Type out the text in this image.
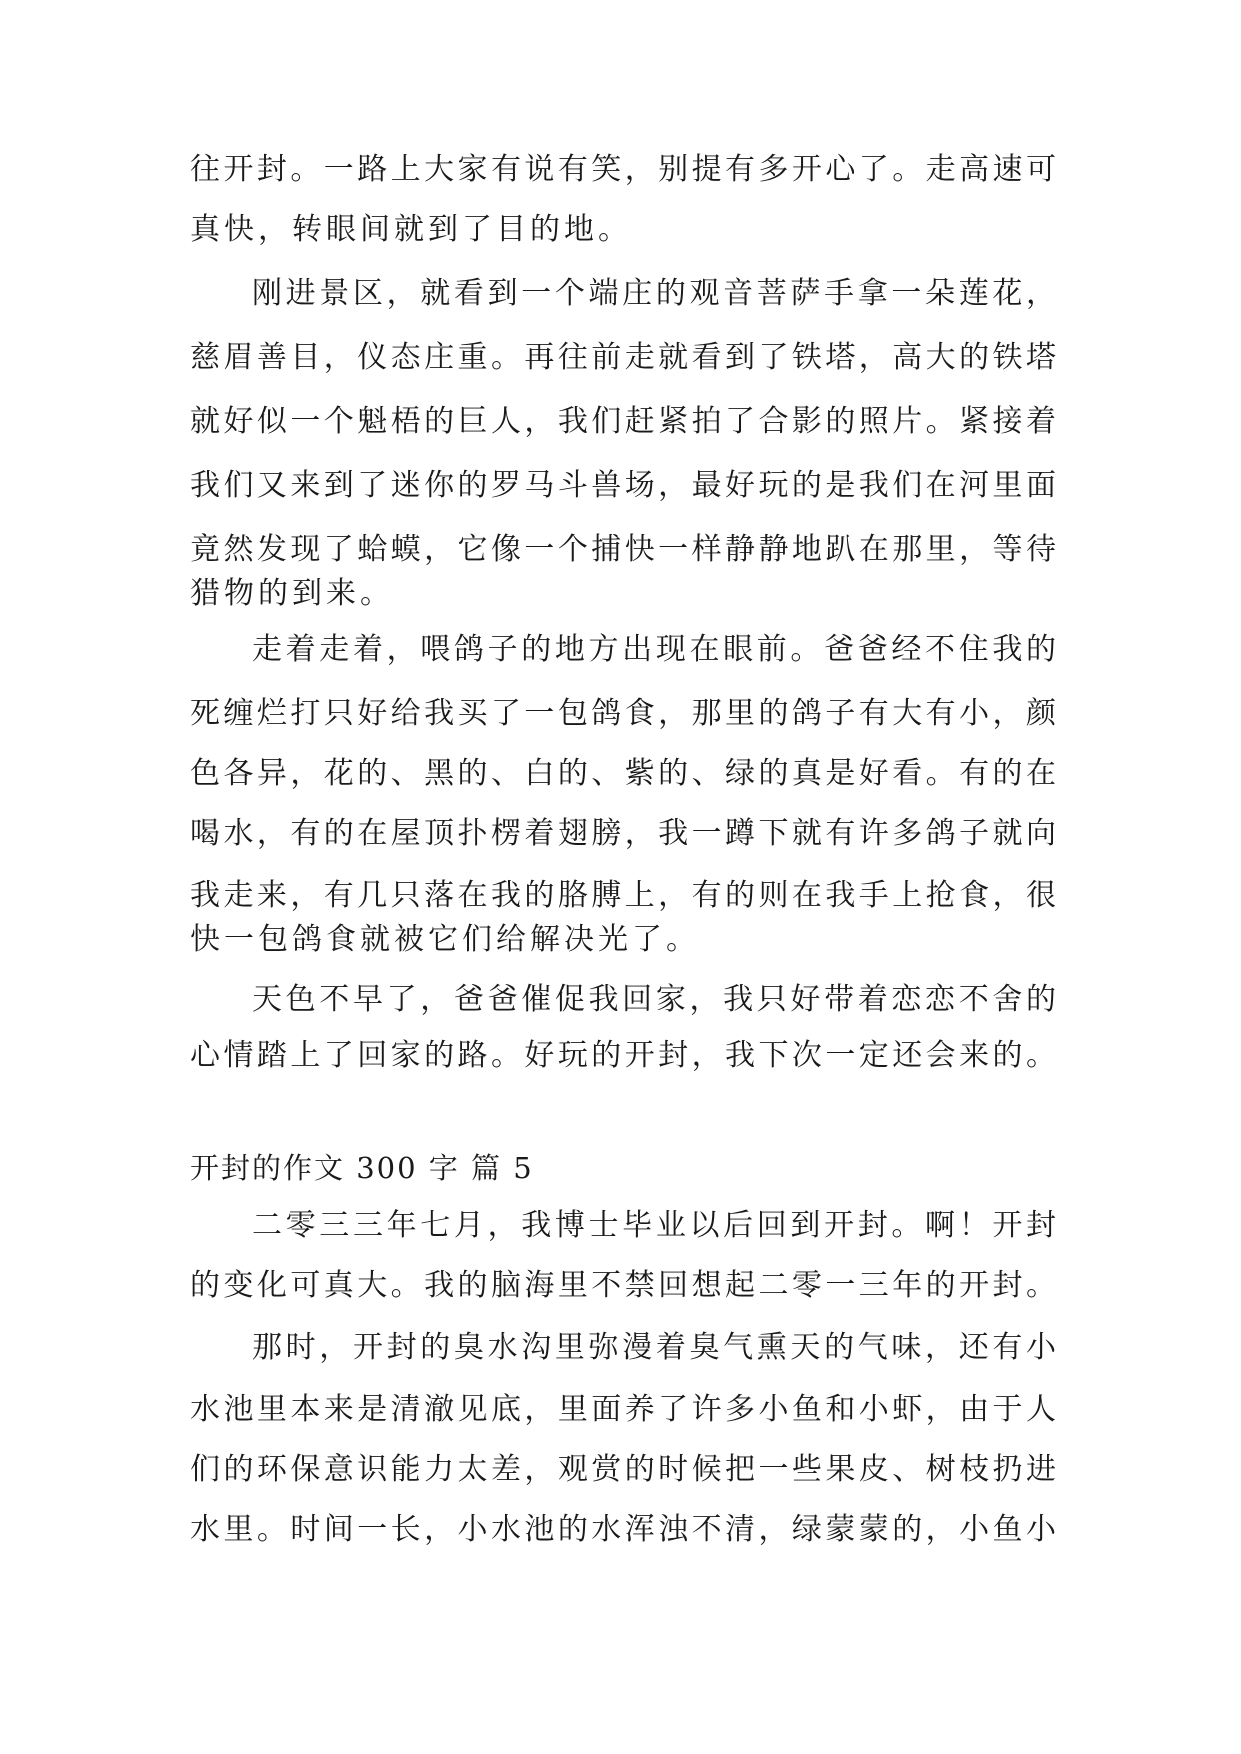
往开封。一路上大家有说有笑，别提有多开心了。走高速可
真快，转眼间就到了目的地。
刚进景区，就看到一个端庄的观音菩萨手拿一朵莲花，
慈眉善目，仪态庄重。再往前走就看到了铁塔，高大的铁塔
就好似一个魁梧的巨人，我们赶紧拍了合影的照片。紧接着
我们又来到了迷你的罗马斗兽场，最好玩的是我们在河里面
竟然发现了蛤蟆，它像一个捕快一样静静地趴在那里，等待
猎物的到来。
走着走着，喂鸽子的地方出现在眼前。爸爸经不住我的
死缠烂打只好给我买了一包鸽食，那里的鸽子有大有小，颜
色各异，花的、黑的、白的、紫的、绿的真是好看。有的在
喝水，有的在屋顶扑楞着翅膀，我一蹲下就有许多鸽子就向
我走来，有几只落在我的胳膊上，有的则在我手上抢食，很
快一包鸽食就被它们给解决光了。
天色不早了，爸爸催促我回家，我只好带着恋恋不舍的
心情踏上了回家的路。好玩的开封，我下次一定还会来的。
开封的作文 300 字 篇 5
二零三三年七月，我博士毕业以后回到开封。啊！开封
的变化可真大。我的脑海里不禁回想起二零一三年的开封。
那时，开封的臭水沟里弥漫着臭气熏天的气味，还有小
水池里本来是清澈见底，里面养了许多小鱼和小虾，由于人
们的环保意识能力太差，观赏的时候把一些果皮、树枝扔进
水里。时间一长，小水池的水浑浊不清，绿蒙蒙的，小鱼小
